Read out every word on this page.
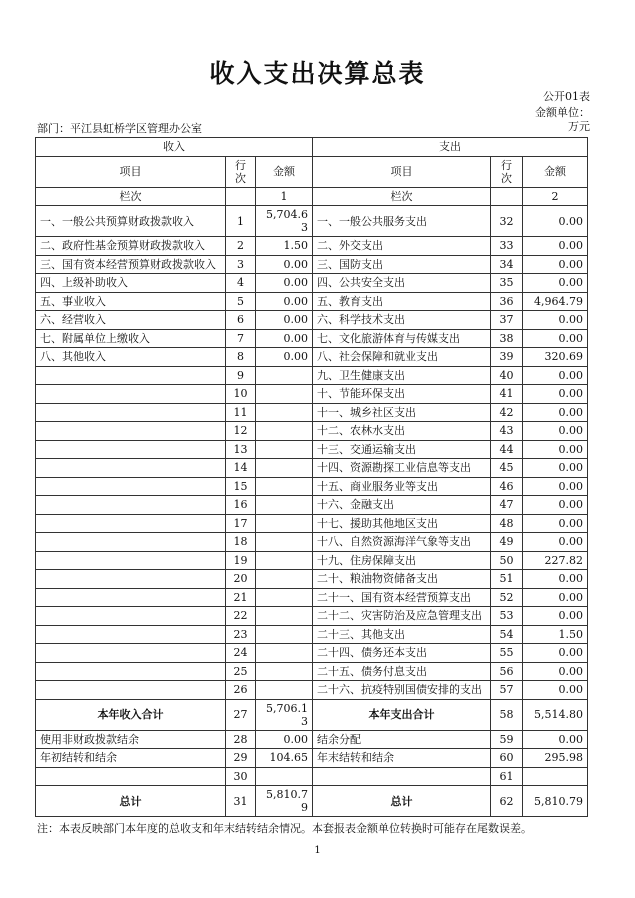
收入支出决算总表
公开01表
金额单位：万元
部门：平江县虹桥学区管理办公室
收入			支出		
项目	行次	金额	项目	行次	金额
栏次		1	栏次		2
一、一般公共预算财政拨款收入	1	5,704.63	一、一般公共服务支出	32	0.00
二、政府性基金预算财政拨款收入	2	1.50	二、外交支出	33	0.00
三、国有资本经营预算财政拨款收入	3	0.00	三、国防支出	34	0.00
四、上级补助收入	4	0.00	四、公共安全支出	35	0.00
五、事业收入	5	0.00	五、教育支出	36	4,964.79
六、经营收入	6	0.00	六、科学技术支出	37	0.00
七、附属单位上缴收入	7	0.00	七、文化旅游体育与传媒支出	38	0.00
八、其他收入	8	0.00	八、社会保障和就业支出	39	320.69
	9		九、卫生健康支出	40	0.00
	10		十、节能环保支出	41	0.00
	11		十一、城乡社区支出	42	0.00
	12		十二、农林水支出	43	0.00
	13		十三、交通运输支出	44	0.00
	14		十四、资源勘探工业信息等支出	45	0.00
	15		十五、商业服务业等支出	46	0.00
	16		十六、金融支出	47	0.00
	17		十七、援助其他地区支出	48	0.00
	18		十八、自然资源海洋气象等支出	49	0.00
	19		十九、住房保障支出	50	227.82
	20		二十、粮油物资储备支出	51	0.00
	21		二十一、国有资本经营预算支出	52	0.00
	22		二十二、灾害防治及应急管理支出	53	0.00
	23		二十三、其他支出	54	1.50
	24		二十四、债务还本支出	55	0.00
	25		二十五、债务付息支出	56	0.00
	26		二十六、抗疫特别国债安排的支出	57	0.00
本年收入合计	27	5,706.13	本年支出合计	58	5,514.80
使用非财政拨款结余	28	0.00	结余分配	59	0.00
年初结转和结余	29	104.65	年末结转和结余	60	295.98
	30			61	
总计	31	5,810.79	总计	62	5,810.79
注：本表反映部门本年度的总收支和年末结转结余情况。本套报表金额单位转换时可能存在尾数误差。
1
